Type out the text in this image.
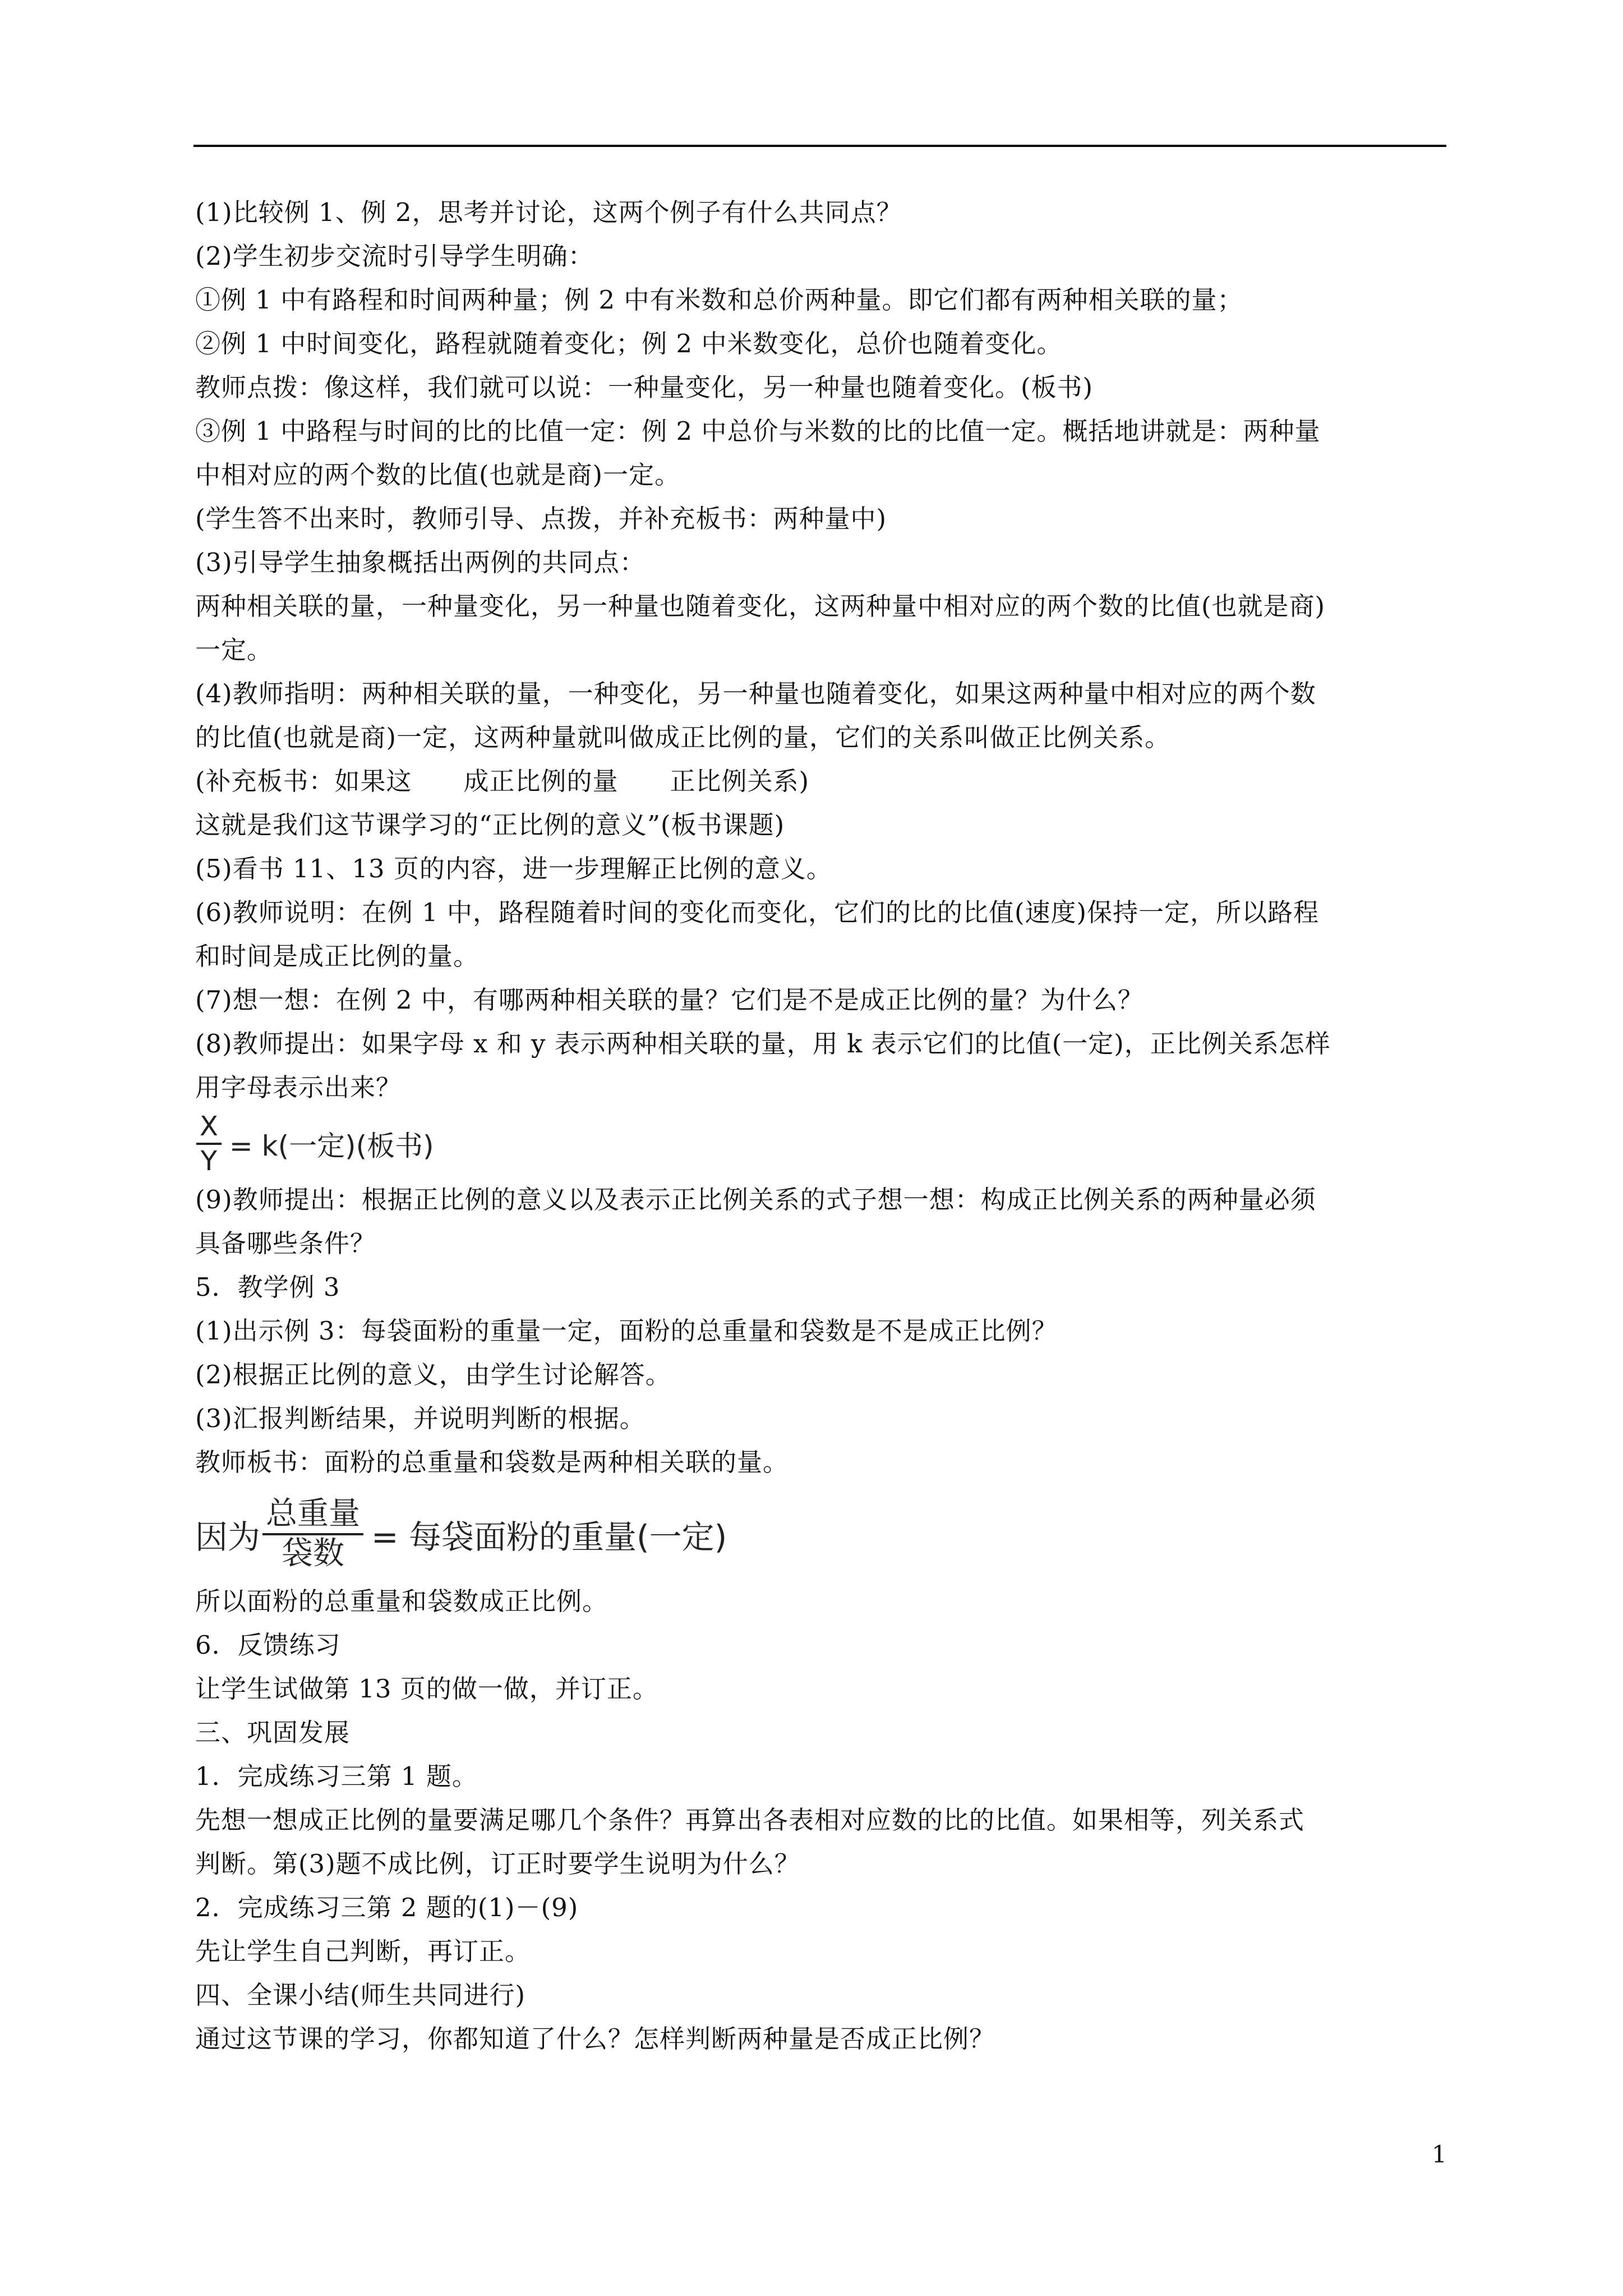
(1)比较例 1、例 2，思考并讨论，这两个例子有什么共同点？
(2)学生初步交流时引导学生明确：
①例 1 中有路程和时间两种量；例 2 中有米数和总价两种量。即它们都有两种相关联的量；
②例 1 中时间变化，路程就随着变化；例 2 中米数变化，总价也随着变化。
教师点拨：像这样，我们就可以说：一种量变化，另一种量也随着变化。(板书)
③例 1 中路程与时间的比的比值一定：例 2 中总价与米数的比的比值一定。概括地讲就是：两种量
中相对应的两个数的比值(也就是商)一定。
(学生答不出来时，教师引导、点拨，并补充板书：两种量中)
(3)引导学生抽象概括出两例的共同点：
两种相关联的量，一种量变化，另一种量也随着变化，这两种量中相对应的两个数的比值(也就是商)
一定。
(4)教师指明：两种相关联的量，一种变化，另一种量也随着变化，如果这两种量中相对应的两个数
的比值(也就是商)一定，这两种量就叫做成正比例的量，它们的关系叫做正比例关系。
(补充板书：如果这　　成正比例的量　　正比例关系)
这就是我们这节课学习的“正比例的意义”(板书课题)
(5)看书 11、13 页的内容，进一步理解正比例的意义。
(6)教师说明：在例 1 中，路程随着时间的变化而变化，它们的比的比值(速度)保持一定，所以路程
和时间是成正比例的量。
(7)想一想：在例 2 中，有哪两种相关联的量？它们是不是成正比例的量？为什么？
(8)教师提出：如果字母 x 和 y 表示两种相关联的量，用 k 表示它们的比值(一定)，正比例关系怎样
用字母表示出来？
$\frac{X}{Y} = k$(一定)(板书)
(9)教师提出：根据正比例的意义以及表示正比例关系的式子想一想：构成正比例关系的两种量必须
具备哪些条件？
5．教学例 3
(1)出示例 3：每袋面粉的重量一定，面粉的总重量和袋数是不是成正比例？
(2)根据正比例的意义，由学生讨论解答。
(3)汇报判断结果，并说明判断的根据。
教师板书：面粉的总重量和袋数是两种相关联的量。
因为 $\frac{\text{总重量}}{\text{袋数}}$ = 每袋面粉的重量(一定)
所以面粉的总重量和袋数成正比例。
6．反馈练习
让学生试做第 13 页的做一做，并订正。
三、巩固发展
1．完成练习三第 1 题。
先想一想成正比例的量要满足哪几个条件？再算出各表相对应数的比的比值。如果相等，列关系式
判断。第(3)题不成比例，订正时要学生说明为什么？
2．完成练习三第 2 题的(1)－(9)
先让学生自己判断，再订正。
四、全课小结(师生共同进行)
通过这节课的学习，你都知道了什么？怎样判断两种量是否成正比例？
1
